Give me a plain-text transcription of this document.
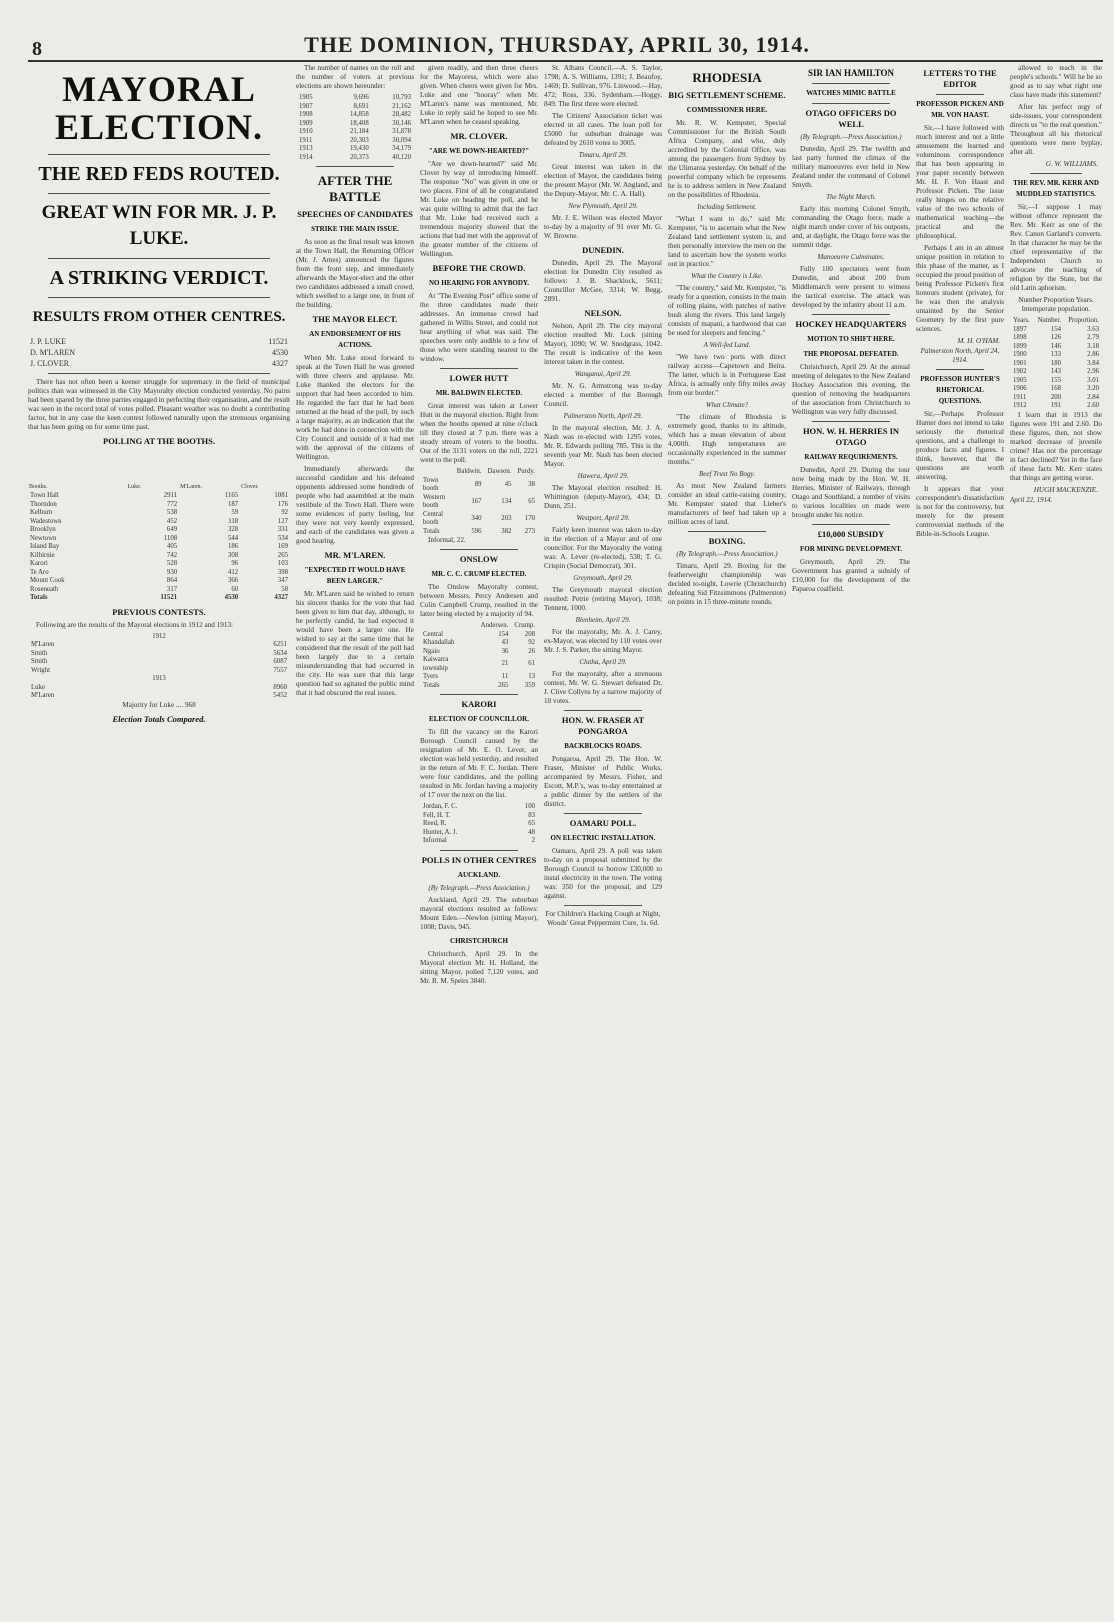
8	THE DOMINION, THURSDAY, APRIL 30, 1914.
MAYORAL ELECTION.
THE RED FEDS ROUTED.
GREAT WIN FOR MR. J. P. LUKE.
A STRIKING VERDICT.
RESULTS FROM OTHER CENTRES.
J. P. LUKE	11521
D. M'LAREN	4530
J. CLOVER	4327

There has not often been a keener struggle for supremacy in the field of municipal politics than was witnessed in the City Mayoralty election conducted yesterday. No pains had been spared by the three parties engaged in perfecting their organisation, and the result was seen in the record total of votes polled. Pleasant weather was no doubt a contributing factor, but in any case the keen contest followed naturally upon the strenuous organising that has been going on for some time past.

POLLING AT THE BOOTHS.
Booths.	Luke.	M'Laren.	Clover.
Town Hall	2911	1165	1081
Thorndon	772	187	176
Kelburn	538	59	92
Wadestown	452	118	127
Brooklyn	649	328	331
Newtown	1108	544	534
Island Bay	405	186	169
Kilbirnie	742	308	265
Karori	528	96	103
Te Aro	930	412	398
Mount Cook	864	366	347
Roseneath	317	60	58
Totals	11521	4530	4327
PREVIOUS CONTESTS.

Following are the results of the Mayoral elections in 1912 and 1913:

1912	
M'Laren	6251
Smith	5634
Smith	6087
Wright	7557
1913	
Luke	8960
M'Laren	5452

Majority for Luke .... 968

Election Totals Compared.

The number of names on the roll and the number of voters at previous elections are shown hereunder:

1905	9,696	10,793
1907	8,691	21,162
1908	14,858	28,482
1909	18,408	30,146
1910	21,184	31,878
1911	20,303	30,094
1913	19,430	34,179
1914	20,373	40,120
AFTER THE BATTLE
SPEECHES OF CANDIDATES
STRIKE THE MAIN ISSUE.

As soon as the final result was known at the Town Hall, the Returning Officer (Mr. J. Ames) announced the figures from the front step, and immediately afterwards the Mayor-elect and the other two candidates addressed a small crowd, which swelled to a large one, in front of the building.

THE MAYOR ELECT.
AN ENDORSEMENT OF HIS ACTIONS.

When Mr. Luke stood forward to speak at the Town Hall he was greeted with three cheers and applause. Mr. Luke thanked the electors for the support that had been accorded to him. He regarded the fact that he had been returned at the head of the poll, by such a large majority, as an indication that the work he had done in connection with the City Council and outside of it had met with the approval of the citizens of Wellington.

Immediately afterwards the successful candidate and his defeated opponents addressed some hundreds of people who had assembled at the main vestibule of the Town Hall. There were some evidences of party feeling, but they were not very keenly expressed, and each of the candidates was given a good hearing.

MR. M'LAREN.
"EXPECTED IT WOULD HAVE BEEN LARGER."

Mr. M'Laren said he wished to return his sincere thanks for the vote that had been given to him that day, although, to be perfectly candid, he had expected it would have been a larger one. He wished to say at the same time that he considered that the result of the poll had been largely due to a certain misunderstanding that had occurred in the city. He was sure that this large question had so agitated the public mind that it had obscured the real issues.

given readily, and then three cheers for the Mayoress, which were also given. When cheers were given for Mrs. Luke and one "hooray" when Mr. M'Laren's name was mentioned, Mr. Luke in reply said he hoped to see Mr. M'Laren when he ceased speaking.

MR. CLOVER.
"ARE WE DOWN-HEARTED?"

"Are we down-hearted?" said Mr. Clover by way of introducing himself. The response "No" was given in one or two places. First of all he congratulated Mr. Luke on heading the poll, and he was quite willing to admit that the fact that Mr. Luke had received such a tremendous majority showed that the actions that had met with the approval of the greater number of the citizens of Wellington.

BEFORE THE CROWD.
NO HEARING FOR ANYBODY.

At "The Evening Post" office some of the three candidates made their addresses. An immense crowd had gathered in Willis Street, and could not hear anything of what was said. The speeches were only audible to a few of those who were standing nearest to the window.

LOWER HUTT
MR. BALDWIN ELECTED.

Great interest was taken at Lower Hutt in the mayoral election. Right from when the booths opened at nine o'clock till they closed at 7 p.m. there was a steady stream of voters to the booths. Out of the 3131 voters on the roll, 2221 went to the poll.

	Baldwin.	Dawson.	Purdy.
Town booth	89	45	38
Western booth	167	134	65
Central booth	340	203	170
Totals	596	382	273

Informal, 22.

ONSLOW
MR. C. C. CRUMP ELECTED.

The Onslow Mayoralty contest, between Messrs. Percy Andersen and Colin Campbell Crump, resulted in the latter being elected by a majority of 94.

	Andersen.	Crump.
Central	154	208
Khandallah	43	92
Ngaio	36	26
Kaiwarra township	21	61
Tyers	11	13
Totals	265	359
KARORI
ELECTION OF COUNCILLOR.

To fill the vacancy on the Karori Borough Council caused by the resignation of Mr. E. O. Lever, an election was held yesterday, and resulted in the return of Mr. F. C. Jordan. There were four candidates, and the polling resulted in Mr. Jordan having a majority of 17 over the next on the list.

Jordan, F. C.	100
Fell, H. T.	83
Reed, R.	65
Hunter, A. J.	48
Informal	2
POLLS IN OTHER CENTRES
AUCKLAND.
(By Telegraph.—Press Association.)

Auckland, April 29. The suburban mayoral elections resulted as follows: Mount Eden.—Newlon (sitting Mayor), 1008; Davis, 945.

CHRISTCHURCH

Christchurch, April 29. In the Mayoral election Mr. H. Holland, the sitting Mayor, polled 7,120 votes, and Mr. R. M. Speirs 3840.

St. Albans Council.—A. S. Taylor, 1798; A. S. Williams, 1391; J. Beaufoy, 1469; D. Sullivan, 976. Linwood.—Hay, 472; Ross, 336. Sydenham.—Hoggy, 849. The first three were elected.

The Citizens' Association ticket was elected in all cases. The loan poll for £5000 for suburban drainage was defeated by 2610 votes to 3005.

Timaru, April 29.

Great interest was taken in the election of Mayor, the candidates being the present Mayor (Mr. W. Angland, and the Deputy-Mayor, Mr. C. A. Hall).

New Plymouth, April 29.

Mr. J. E. Wilson was elected Mayor to-day by a majority of 91 over Mr. G. W. Browne.

DUNEDIN.

Dunedin, April 29. The Mayoral election for Dunedin City resulted as follows: J. B. Shacklock, 5611; Councillor McGee, 3314; W. Begg, 2891.

NELSON.

Nelson, April 29. The city mayoral election resulted: Mr. Lock (sitting Mayor), 1090; W. W. Snodgrass, 1042. The result is indicative of the keen interest taken in the contest.

Wanganui, April 29.

Mr. N. G. Armstrong was to-day elected a member of the Borough Council.

Palmerston North, April 29.

In the mayoral election, Mr. J. A. Nash was re-elected with 1295 votes, Mr. R. Edwards polling 785. This is the seventh year Mr. Nash has been elected Mayor.

Hawera, April 29.

The Mayoral election resulted: H. Whittington (deputy-Mayor), 434; D. Dunn, 251.

Westport, April 29.

Fairly keen interest was taken to-day in the election of a Mayor and of one councillor. For the Mayoralty the voting was: A. Lever (re-elected), 538; T. G. Crispin (Social Democrat), 301.

Greymouth, April 29.

The Greymouth mayoral election resulted: Petrie (retiring Mayor), 1038; Tennent, 1000.

Blenheim, April 29.

For the mayoralty, Mr. A. J. Carey, ex-Mayor, was elected by 110 votes over Mr. J. S. Parker, the sitting Mayor.

Clutha, April 29.

For the mayoralty, after a strenuous contest, Mr. W. G. Stewart defeated Dr. J. Clive Collyns by a narrow majority of 10 votes.

HON. W. FRASER AT PONGAROA
BACKBLOCKS ROADS.

Pongaroa, April 29. The Hon. W. Fraser, Minister of Public Works, accompanied by Messrs. Fisher, and Escott, M.P.'s, was to-day entertained at a public dinner by the settlers of the district.

OAMARU POLL.
ON ELECTRIC INSTALLATION.

Oamaru, April 29. A poll was taken to-day on a proposal submitted by the Borough Council to borrow £30,000 to instal electricity in the town. The voting was: 350 for the proposal, and 129 against.

For Children's Hacking Cough at Night, Woods' Great Peppermint Cure, 1s. 6d.

RHODESIA
BIG SETTLEMENT SCHEME.
COMMISSIONER HERE.

Mr. R. W. Kempster, Special Commissioner for the British South Africa Company, and who, duly accredited by the Colonial Office, was among the passengers from Sydney by the Ulimaroa yesterday. On behalf of the powerful company which he represents he is to address settlers in New Zealand on the possibilities of Rhodesia.

Including Settlement.

"What I want to do," said Mr. Kempster, "is to ascertain what the New Zealand land settlement system is, and then personally interview the men on the land to ascertain how the system works out in practice."

What the Country is Like.

"The country," said Mr. Kempster, "is ready for a question, consists in the main of rolling plains, with patches of native bush along the rivers. This land largely consists of mapani, a hardwood that can be used for sleepers and fencing."

A Well-fed Land.

"We have two ports with direct railway access—Capetown and Beira. The latter, which is in Portuguese East Africa, is actually only fifty miles away from our border."

What Climate?

"The climate of Rhodesia is extremely good, thanks to its altitude, which has a mean elevation of about 4,000ft. High temperatures are occasionally experienced in the summer months."

Beef Trust No Bogy.

As most New Zealand farmers consider an ideal cattle-raising country, Mr. Kempster stated that Lieber's manufacturers of beef had taken up a million acres of land.

BOXING.
(By Telegraph.—Press Association.)

Timaru, April 29. Boxing for the featherweight championship was decided to-night, Lowrie (Christchurch) defeating Sid Fitzsimmons (Palmerston) on points in 15 three-minute rounds.

SIR IAN HAMILTON
WATCHES MIMIC BATTLE
OTAGO OFFICERS DO WELL
(By Telegraph.—Press Association.)

Dunedin, April 29. The twelfth and last party formed the climax of the military manoeuvres ever held in New Zealand under the command of Colonel Smyth.

The Night March.

Early this morning Colonel Smyth, commanding the Otago force, made a night march under cover of his outposts, and, at daylight, the Otago force was the summit ridge.

Manoeuvre Culminates.

Fully 100 spectators went from Dunedin, and about 200 from Middlemarch were present to witness the tactical exercise. The attack was developed by the infantry about 11 a.m.

HOCKEY HEADQUARTERS
MOTION TO SHIFT HERE.
THE PROPOSAL DEFEATED.

Christchurch, April 29. At the annual meeting of delegates to the New Zealand Hockey Association this evening, the question of removing the headquarters of the association from Christchurch to Wellington was very fully discussed.

HON. W. H. HERRIES IN OTAGO
RAILWAY REQUIREMENTS.

Dunedin, April 29. During the tour now being made by the Hon. W. H. Herries, Minister of Railways, through Otago and Southland, a number of visits to various localities on made were brought under his notice.

£10,000 SUBSIDY
FOR MINING DEVELOPMENT.

Greymouth, April 29. The Government has granted a subsidy of £10,000 for the development of the Paparoa coalfield.

LETTERS TO THE EDITOR
PROFESSOR PICKEN AND MR. VON HAAST.

Sir,—I have followed with much interest and not a little amusement the learned and voluminous correspondence that has been appearing in your paper recently between Mr. H. F. Von Haast and Professor Picken. The issue really hinges on the relative value of the two schools of mathematical teaching—the practical and the philosophical.

Perhaps I am in an almost unique position in relation to this phase of the matter, as I occupied the proud position of being Professor Picken's first honours student (private), for he was then the analysis untainted by the Senior Geometry by the first pure sciences.

M. H. O'HAM.
Palmerston North, April 24, 1914.
PROFESSOR HUNTER'S RHETORICAL QUESTIONS.

Sir,—Perhaps Professor Hunter does not intend to take seriously the rhetorical questions, and a challenge to produce facts and figures. I think, however, that the questions are worth answering.

It appears that your correspondent's dissatisfaction is not for the controversy, but merely for the present controversial methods of the Bible-in-Schools League.

allowed to teach in the people's schools." Will he be so good as to say what right one class have made this statement?

After his perfect orgy of side-issues, your correspondent directs us "to the real question." Throughout all his rhetorical questions were mere byplay, after all.

G. W. WILLIAMS.
THE REV. MR. KERR AND MUDDLED STATISTICS.

Sir,—I suppose I may without offence represent the Rev. Mr. Kerr as one of the Rev. Canon Garland's converts. In that character he may be the chief representative of the Independent Church to advocate the teaching of religion by the State, but the old Latin aphorism.

Number Proportion Years. Intemperate population.

Years.	Number.	Proportion.
1897	154	3.63
1898	126	2.79
1899	146	3.18
1900	133	2.86
1901	180	3.84
1902	143	2.96
1905	155	3.01
1906	168	3.20
1911	200	2.84
1912	191	2.60

I learn that in 1913 the figures were 191 and 2.60. Do these figures, then, not show marked decrease of juvenile crime? Has not the percentage in fact declined? Yet in the face of these facts Mr. Kerr states that things are getting worse.

HUGH MACKENZIE.
April 22, 1914.
